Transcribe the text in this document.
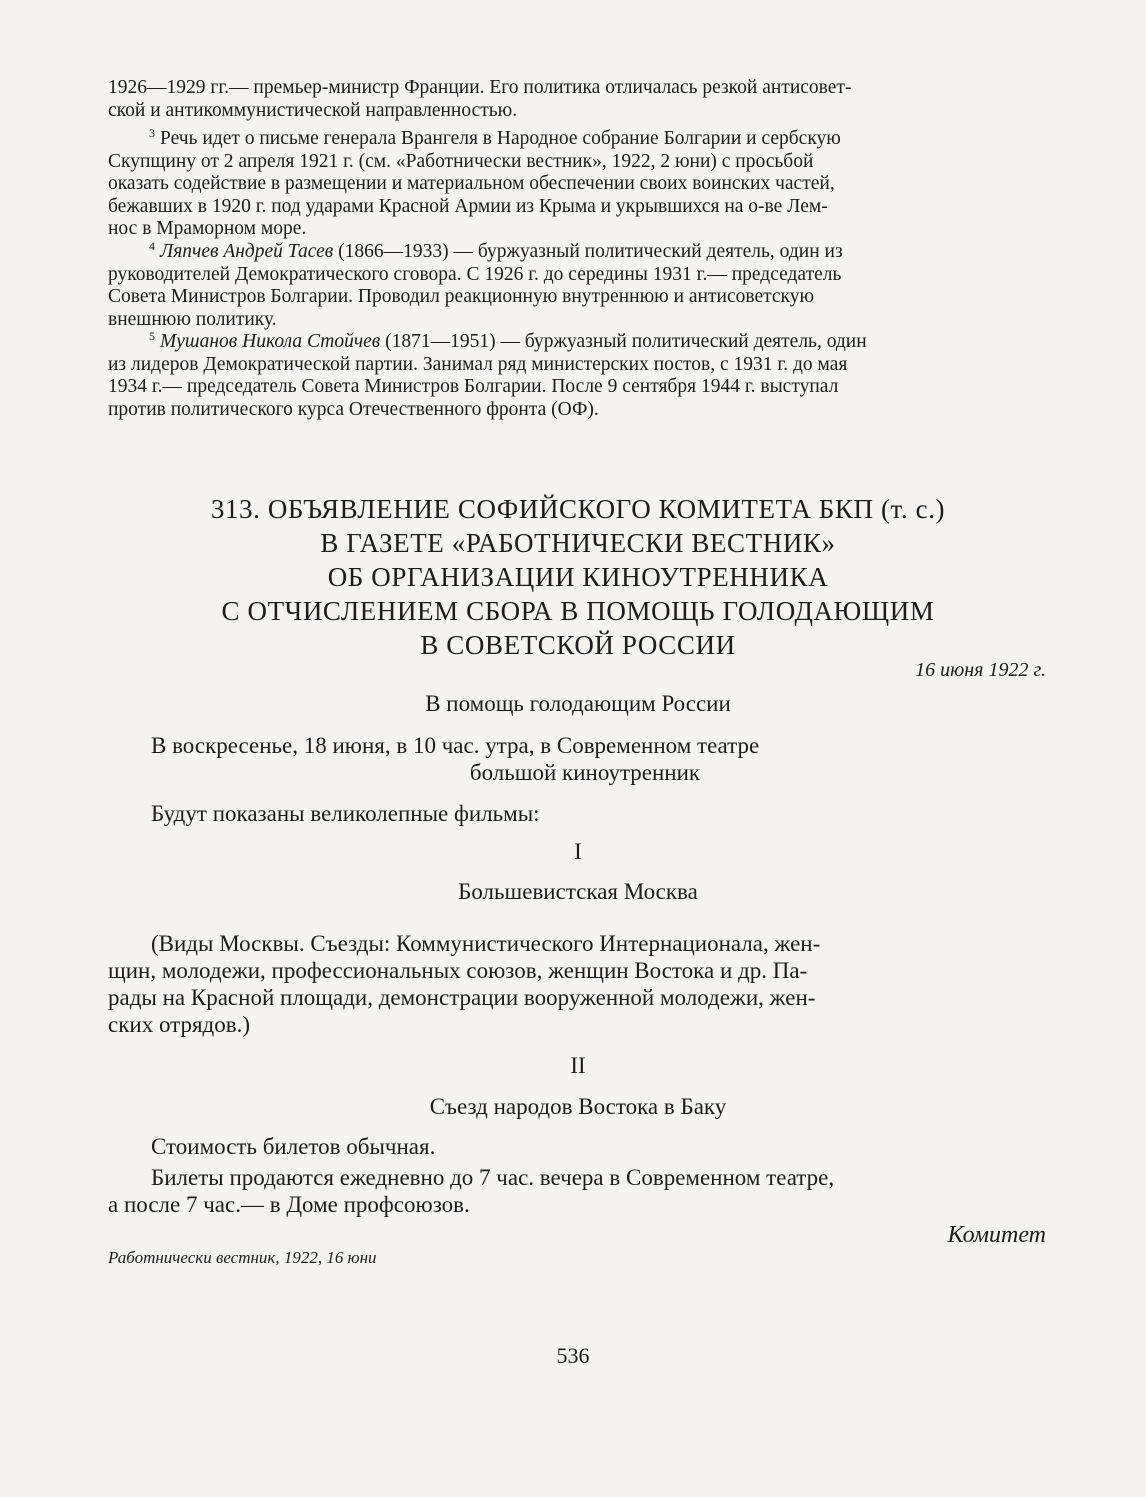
1926—1929 гг.— премьер-министр Франции. Его политика отличалась резкой антисовет-
ской и антикоммунистической направленностью.
$^3$ Речь идет о письме генерала Врангеля в Народное собрание Болгарии и сербскую
Скупщину от 2 апреля 1921 г. (см. «Работнически вестник», 1922, 2 юни) с просьбой
оказать содействие в размещении и материальном обеспечении своих воинских частей,
бежавших в 1920 г. под ударами Красной Армии из Крыма и укрывшихся на о-ве Лем-
нос в Мраморном море.
$^4$ Ляпчев Андрей Тасев (1866—1933) — буржуазный политический деятель, один из
руководителей Демократического сговора. С 1926 г. до середины 1931 г.— председатель
Совета Министров Болгарии. Проводил реакционную внутреннюю и антисоветскую
внешнюю политику.
$^5$ Мушанов Никола Стойчев (1871—1951) — буржуазный политический деятель, один
из лидеров Демократической партии. Занимал ряд министерских постов, с 1931 г. до мая
1934 г.— председатель Совета Министров Болгарии. После 9 сентября 1944 г. выступал
против политического курса Отечественного фронта (ОФ).
313. ОБЪЯВЛЕНИЕ СОФИЙСКОГО КОМИТЕТА БКП (т. с.)
В ГАЗЕТЕ «РАБОТНИЧЕСКИ ВЕСТНИК»
ОБ ОРГАНИЗАЦИИ КИНОУТРЕННИКА
С ОТЧИСЛЕНИЕМ СБОРА В ПОМОЩЬ ГОЛОДАЮЩИМ
В СОВЕТСКОЙ РОССИИ
16 июня 1922 г.
В помощь голодающим России
В воскресенье, 18 июня, в 10 час. утра, в Современном театре
большой киноутренник
Будут показаны великолепные фильмы:
I
Большевистская Москва
(Виды Москвы. Съезды: Коммунистического Интернационала, жен-
щин, молодежи, профессиональных союзов, женщин Востока и др. Па-
рады на Красной площади, демонстрации вооруженной молодежи, жен-
ских отрядов.)
II
Съезд народов Востока в Баку
Стоимость билетов обычная.
Билеты продаются ежедневно до 7 час. вечера в Современном театре,
а после 7 час.— в Доме профсоюзов.
Комитет
Работнически вестник, 1922, 16 юни
536
